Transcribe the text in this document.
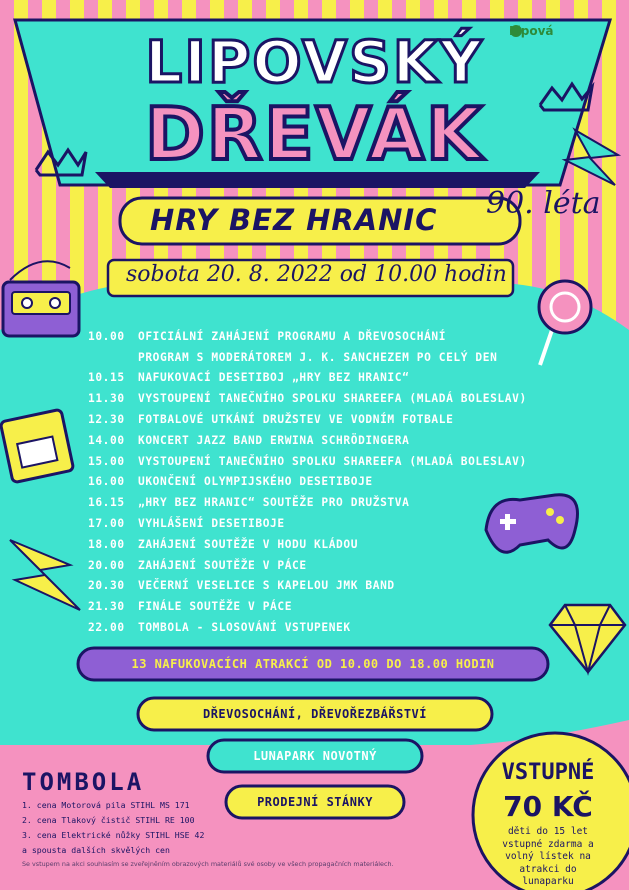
Lipová
LIPOVSKÝ
DŘEVÁK
HRY BEZ HRANIC 90. léta
sobota 20. 8. 2022 od 10.00 hodin
10.00	OFICIÁLNÍ ZAHÁJENÍ PROGRAMU A DŘEVOSOCHÁNÍ
PROGRAM S MODERÁTOREM J. K. SANCHEZEM PO CELÝ DEN
10.15	NAFUKOVACÍ DESETIBOJ „HRY BEZ HRANIC“
11.30	VYSTOUPENÍ TANEČNÍHO SPOLKU SHAREEFA (MLADÁ BOLESLAV)
12.30	FOTBALOVÉ UTKÁNÍ DRUŽSTEV VE VODNÍM FOTBALE
14.00	KONCERT JAZZ BAND ERWINA SCHRÖDINGERA
15.00	VYSTOUPENÍ TANEČNÍHO SPOLKU SHAREEFA (MLADÁ BOLESLAV)
16.00	UKONČENÍ OLYMPIJSKÉHO DESETIBOJE
16.15	„HRY BEZ HRANIC“ SOUTĚŽE PRO DRUŽSTVA
17.00	VYHLÁŠENÍ DESETIBOJE
18.00	ZAHÁJENÍ SOUTĚŽE V HODU KLÁDOU
20.00	ZAHÁJENÍ SOUTĚŽE V PÁCE
20.30	VEČERNÍ VESELICE S KAPELOU JMK BAND
21.30	FINÁLE SOUTĚŽE V PÁCE
22.00	TOMBOLA - SLOSOVÁNÍ VSTUPENEK
13 NAFUKOVACÍCH ATRAKCÍ OD 10.00 DO 18.00 HODIN
DŘEVOSOCHÁNÍ, DŘEVOŘEZBÁŘSTVÍ
LUNAPARK NOVOTNÝ
PRODEJNÍ STÁNKY
TOMBOLA
1. cena Motorová pila STIHL MS 171
2. cena Tlakový čistič STIHL RE 100
3. cena Elektrické nůžky STIHL HSE 42
a spousta dalších skvělých cen
VSTUPNÉ
70 KČ
děti do 15 let vstupné zdarma a volný lístek na atrakci do lunaparku
Se vstupem na akci souhlasím se zveřejněním obrazových materiálů své osoby ve všech propagačních materiálech.
